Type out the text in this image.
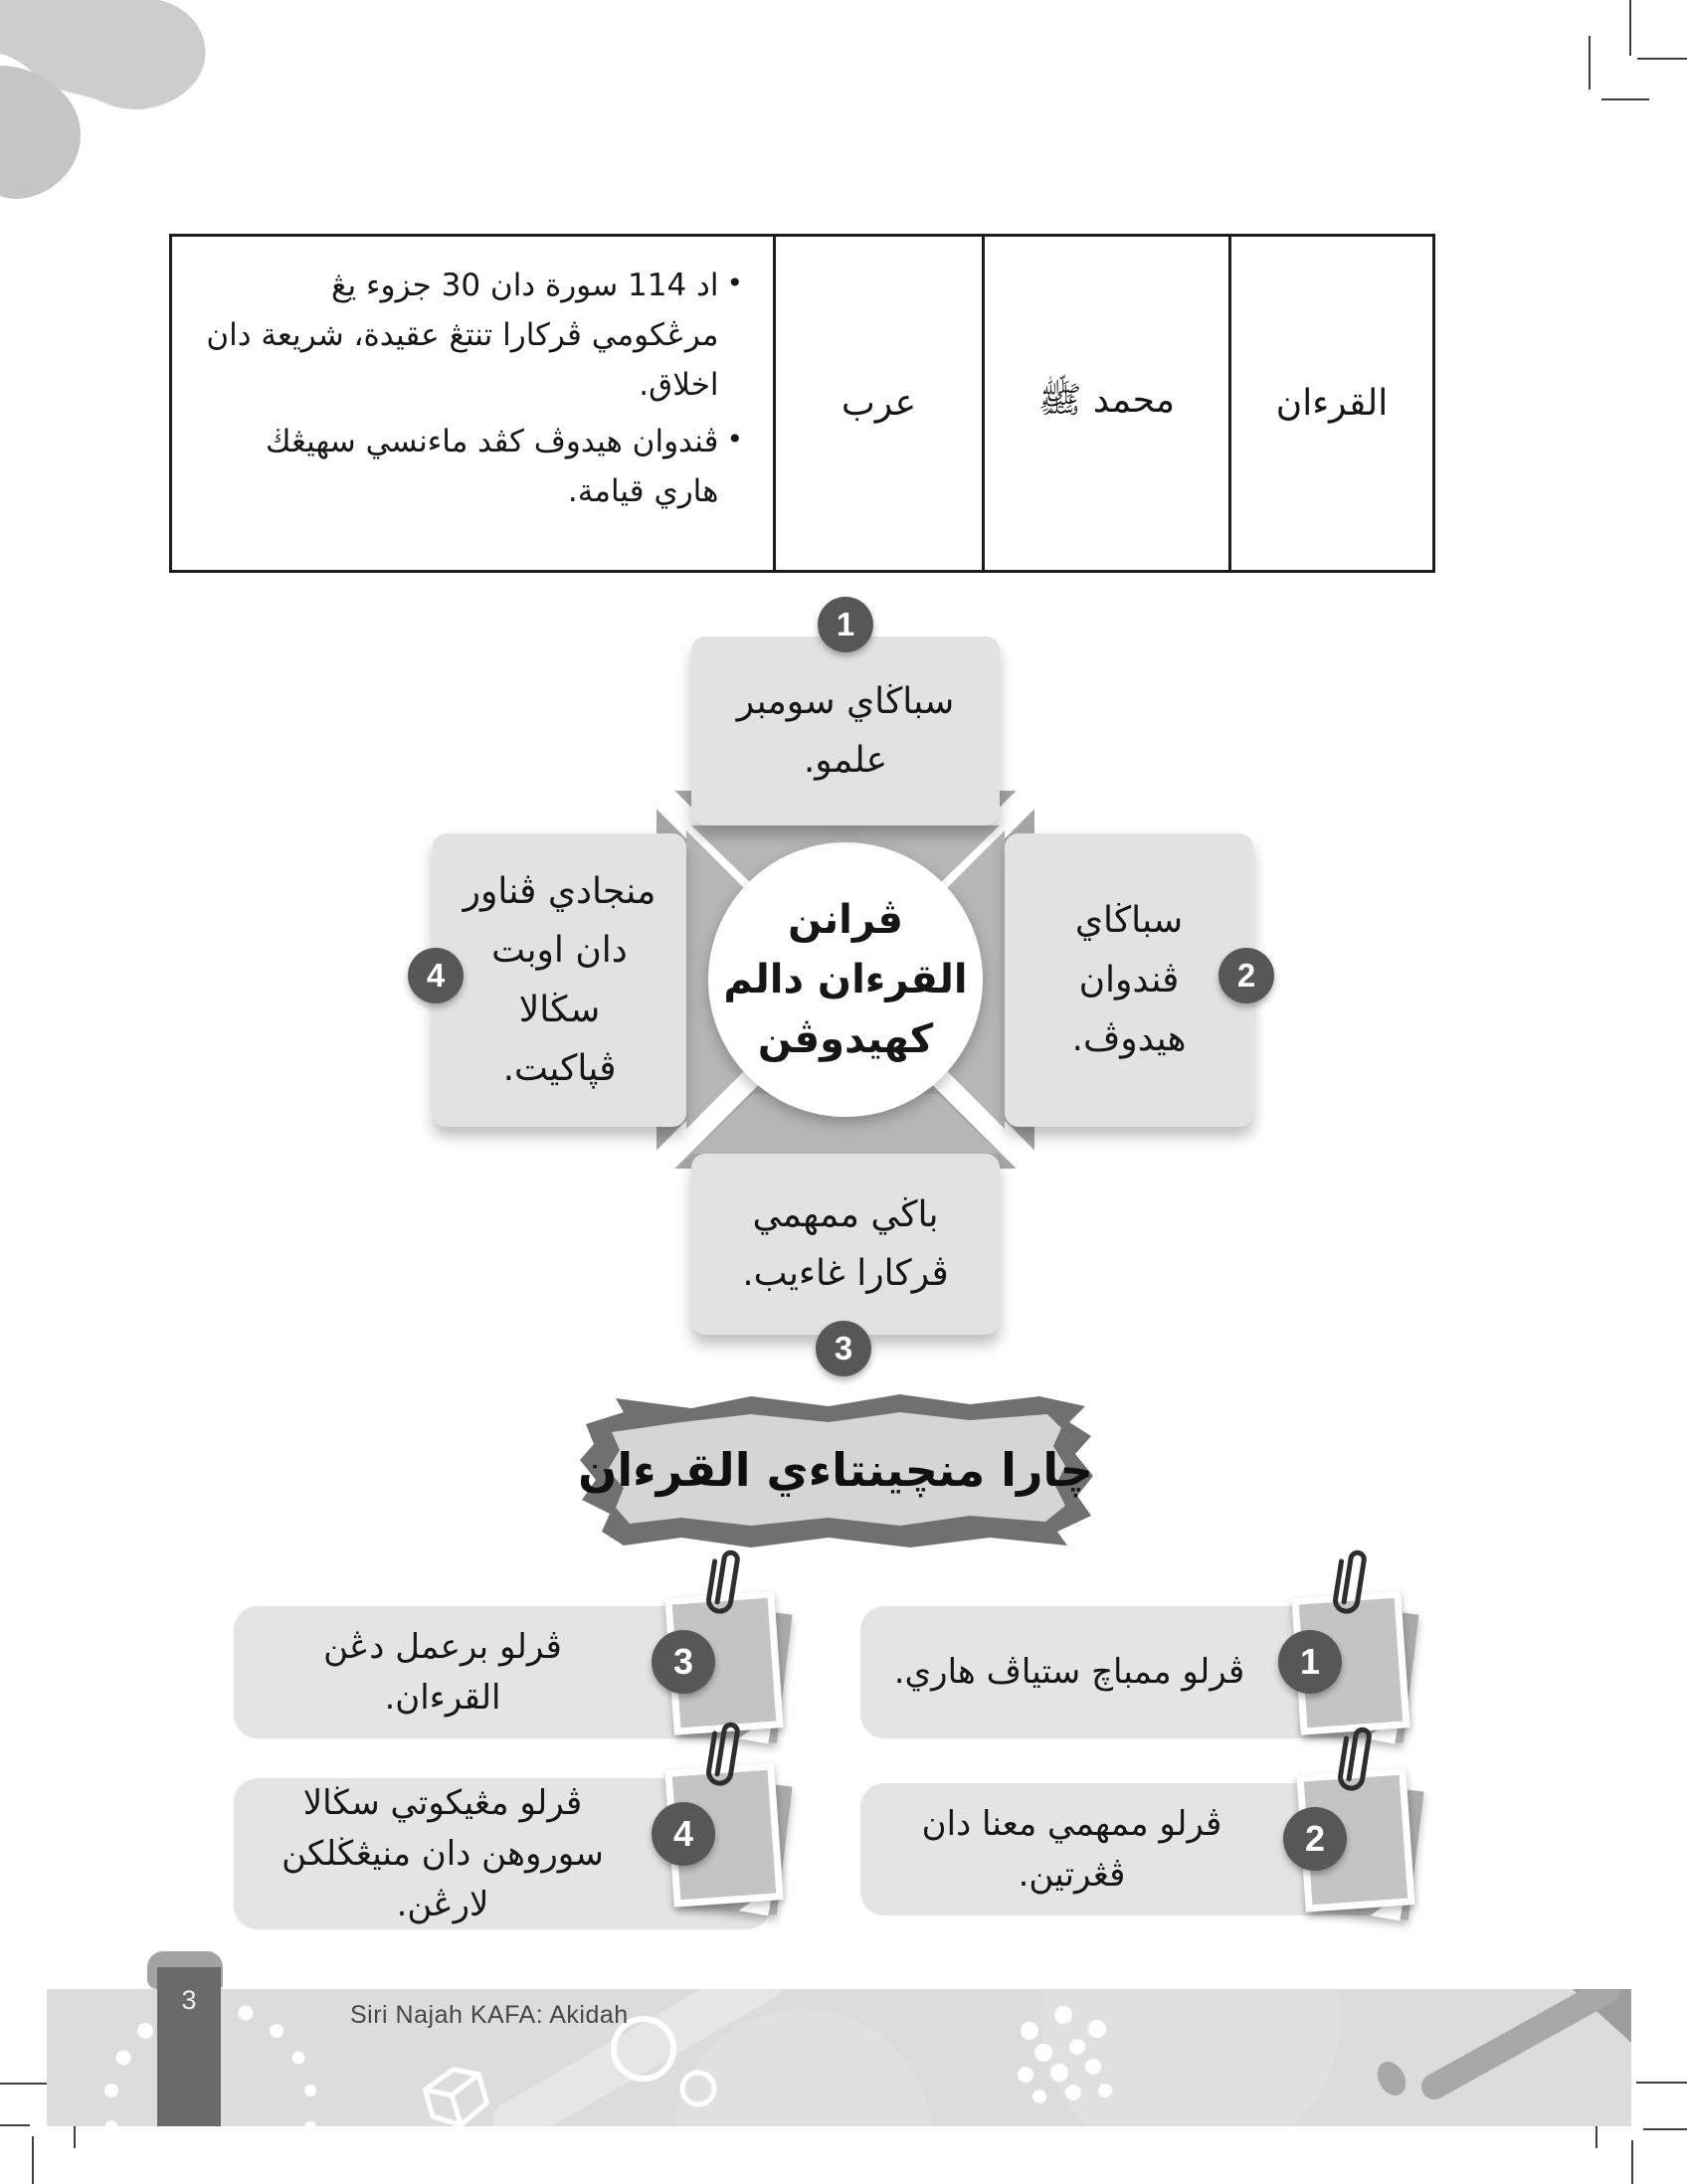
القرءان
محمد ﷺ
عرب
•
اد 114 سورة دان 30 جزوء يڠ مرڠكومي ڤركارا تنتڠ عقيدة، شريعة دان اخلاق.
•
ڤندوان هيدوڤ كڤد ماءنسي سهيڠڬ هاري قيامة.
ڤرانن
القرءان دالم
كهيدوڤن
سباڬاي سومبر علمو.
سباڬاي ڤندوان هيدوڤ.
باڬي ممهمي ڤركارا غاءيب.
منجادي ڤناور دان اوبت سڬالا ڤڽاكيت.
1
2
3
4
چارا منچينتاءي القرءان
ڤرلو ممباچ ستياڤ هاري.	1
ڤرلو ممهمي معنا دان ڤڠرتين.
2
ڤرلو برعمل دڠن القرءان.
3
ڤرلو مڠيكوتي سڬالا سوروهن دان منيڠڬلكن لارڠن.
4
3	Siri Najah KAFA: Akidah
